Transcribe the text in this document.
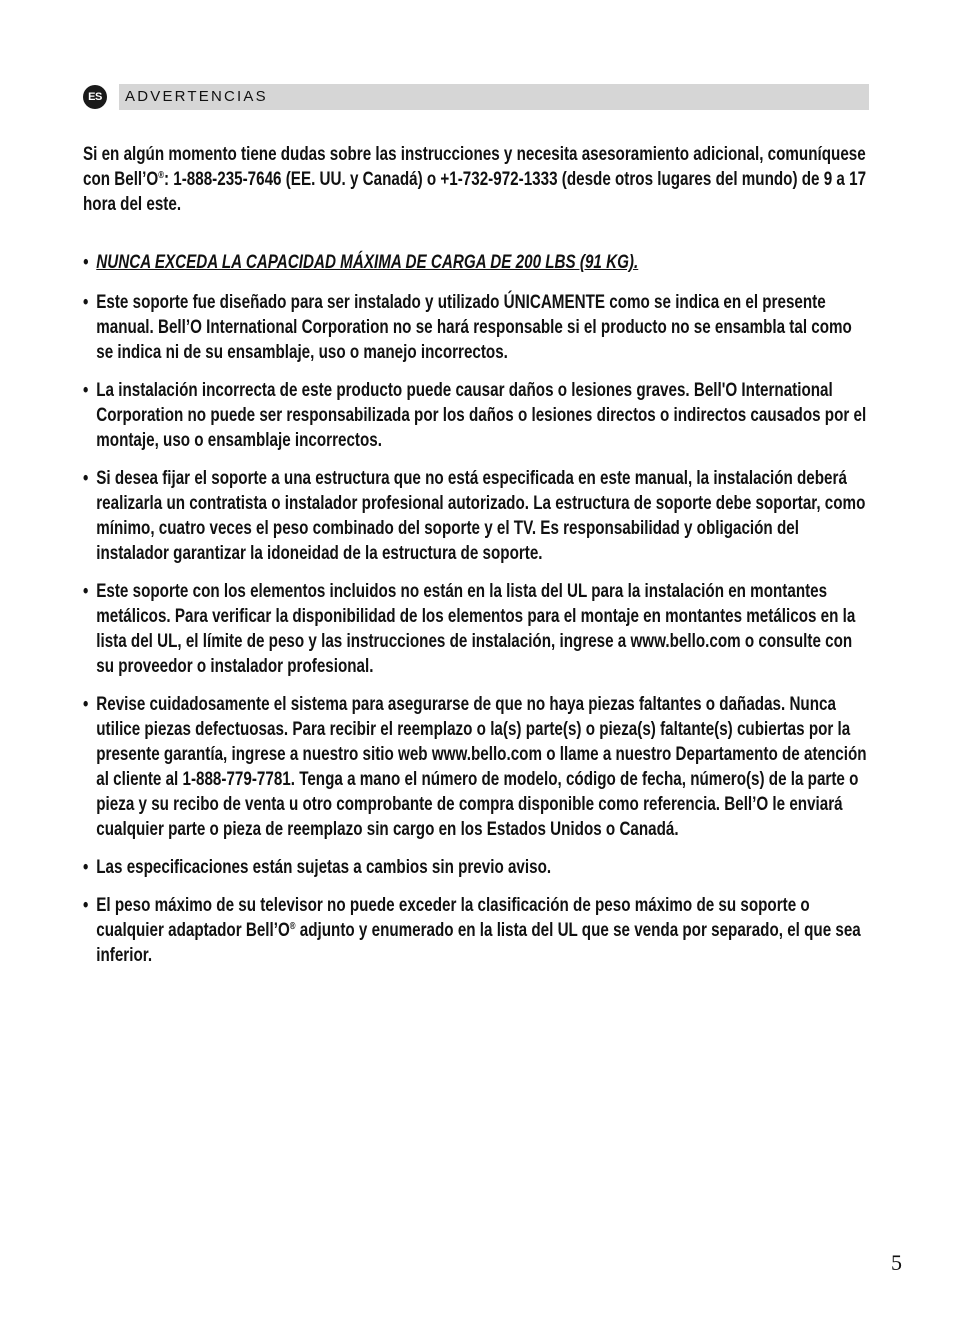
ES ADVERTENCIAS

Si en algún momento tiene dudas sobre las instrucciones y necesita asesoramiento adicional, comuníquese con Bell’O®: 1-888-235-7646 (EE. UU. y Canadá) o +1-732-972-1333 (desde otros lugares del mundo) de 9 a 17 hora del este.

• NUNCA EXCEDA LA CAPACIDAD MÁXIMA DE CARGA DE 200 LBS (91 KG).
• Este soporte fue diseñado para ser instalado y utilizado ÚNICAMENTE como se indica en el presente manual. Bell’O International Corporation no se hará responsable si el producto no se ensambla tal como se indica ni de su ensamblaje, uso o manejo incorrectos.
• La instalación incorrecta de este producto puede causar daños o lesiones graves. Bell'O International Corporation no puede ser responsabilizada por los daños o lesiones directos o indirectos causados por el montaje, uso o ensamblaje incorrectos.
• Si desea fijar el soporte a una estructura que no está especificada en este manual, la instalación deberá realizarla un contratista o instalador profesional autorizado. La estructura de soporte debe soportar, como mínimo, cuatro veces el peso combinado del soporte y el TV. Es responsabilidad y obligación del instalador garantizar la idoneidad de la estructura de soporte.
• Este soporte con los elementos incluidos no están en la lista del UL para la instalación en montantes metálicos. Para verificar la disponibilidad de los elementos para el montaje en montantes metálicos en la lista del UL, el límite de peso y las instrucciones de instalación, ingrese a www.bello.com o consulte con su proveedor o instalador profesional.
• Revise cuidadosamente el sistema para asegurarse de que no haya piezas faltantes o dañadas. Nunca utilice piezas defectuosas. Para recibir el reemplazo o la(s) parte(s) o pieza(s) faltante(s) cubiertas por la presente garantía, ingrese a nuestro sitio web www.bello.com o llame a nuestro Departamento de atención al cliente al 1-888-779-7781. Tenga a mano el número de modelo, código de fecha, número(s) de la parte o pieza y su recibo de venta u otro comprobante de compra disponible como referencia. Bell’O le enviará cualquier parte o pieza de reemplazo sin cargo en los Estados Unidos o Canadá.
• Las especificaciones están sujetas a cambios sin previo aviso.
• El peso máximo de su televisor no puede exceder la clasificación de peso máximo de su soporte o cualquier adaptador Bell’O® adjunto y enumerado en la lista del UL que se venda por separado, el que sea inferior.
5
